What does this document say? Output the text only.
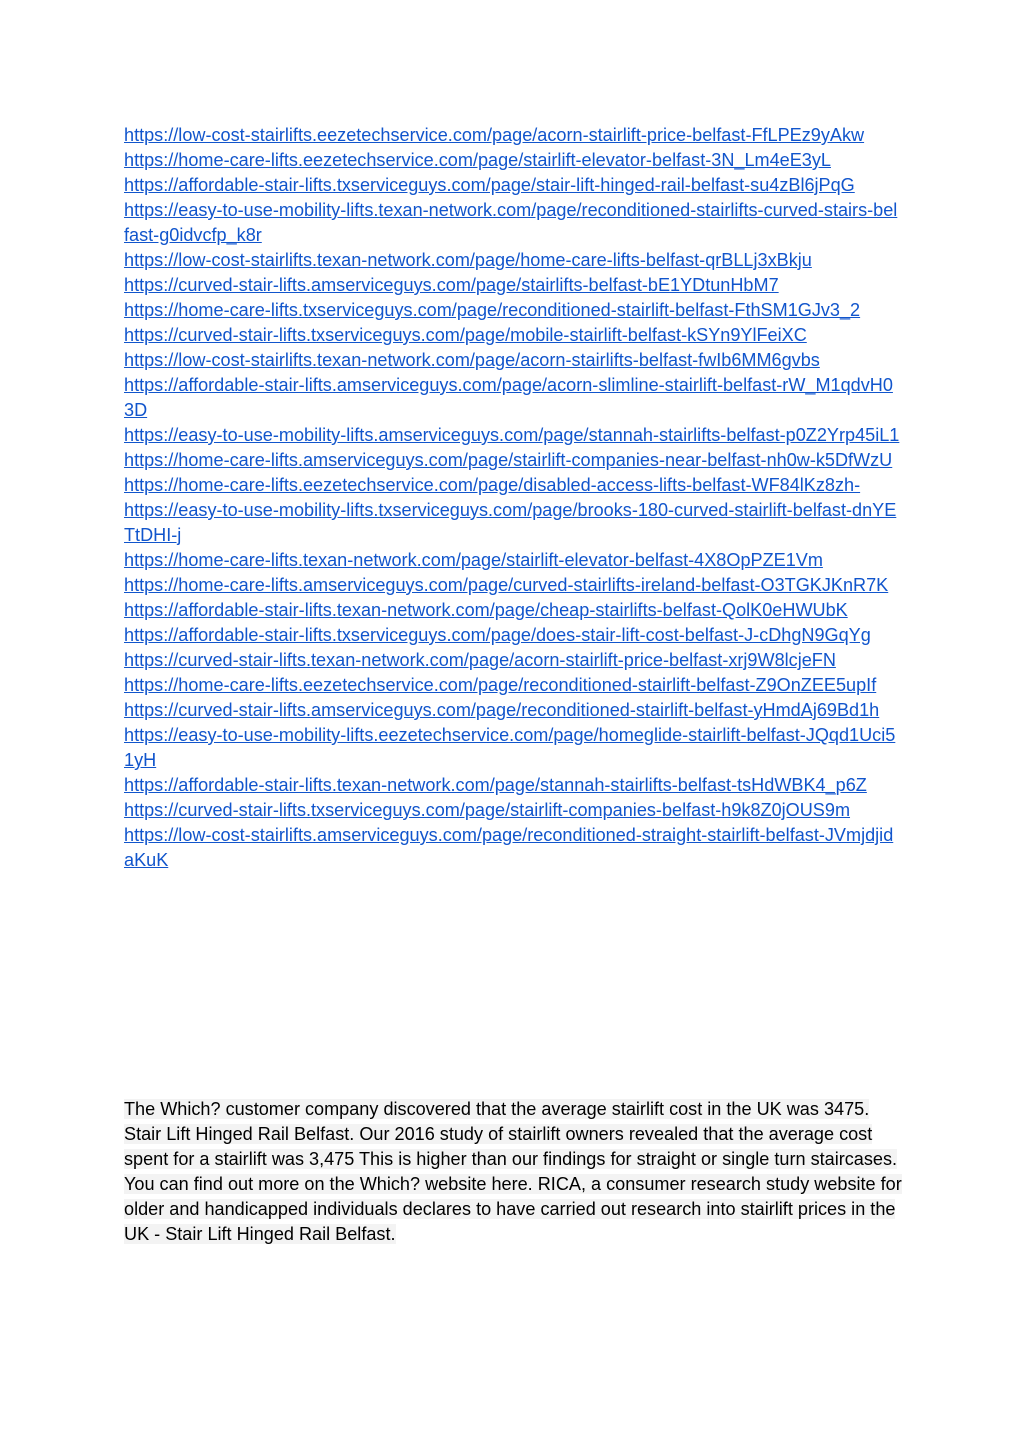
https://low-cost-stairlifts.eezetechservice.com/page/acorn-stairlift-price-belfast-FfLPEz9yAkw
https://home-care-lifts.eezetechservice.com/page/stairlift-elevator-belfast-3N_Lm4eE3yL
https://affordable-stair-lifts.txserviceguys.com/page/stair-lift-hinged-rail-belfast-su4zBl6jPqG
https://easy-to-use-mobility-lifts.texan-network.com/page/reconditioned-stairlifts-curved-stairs-belfast-g0idvcfp_k8r
https://low-cost-stairlifts.texan-network.com/page/home-care-lifts-belfast-qrBLLj3xBkju
https://curved-stair-lifts.amserviceguys.com/page/stairlifts-belfast-bE1YDtunHbM7
https://home-care-lifts.txserviceguys.com/page/reconditioned-stairlift-belfast-FthSM1GJv3_2
https://curved-stair-lifts.txserviceguys.com/page/mobile-stairlift-belfast-kSYn9YlFeiXC
https://low-cost-stairlifts.texan-network.com/page/acorn-stairlifts-belfast-fwIb6MM6gvbs
https://affordable-stair-lifts.amserviceguys.com/page/acorn-slimline-stairlift-belfast-rW_M1qdvH03D
https://easy-to-use-mobility-lifts.amserviceguys.com/page/stannah-stairlifts-belfast-p0Z2Yrp45iL1
https://home-care-lifts.amserviceguys.com/page/stairlift-companies-near-belfast-nh0w-k5DfWzU
https://home-care-lifts.eezetechservice.com/page/disabled-access-lifts-belfast-WF84lKz8zh-
https://easy-to-use-mobility-lifts.txserviceguys.com/page/brooks-180-curved-stairlift-belfast-dnYETtDHI-j
https://home-care-lifts.texan-network.com/page/stairlift-elevator-belfast-4X8OpPZE1Vm
https://home-care-lifts.amserviceguys.com/page/curved-stairlifts-ireland-belfast-O3TGKJKnR7K
https://affordable-stair-lifts.texan-network.com/page/cheap-stairlifts-belfast-QolK0eHWUbK
https://affordable-stair-lifts.txserviceguys.com/page/does-stair-lift-cost-belfast-J-cDhgN9GqYg
https://curved-stair-lifts.texan-network.com/page/acorn-stairlift-price-belfast-xrj9W8lcjeFN
https://home-care-lifts.eezetechservice.com/page/reconditioned-stairlift-belfast-Z9OnZEE5upIf
https://curved-stair-lifts.amserviceguys.com/page/reconditioned-stairlift-belfast-yHmdAj69Bd1h
https://easy-to-use-mobility-lifts.eezetechservice.com/page/homeglide-stairlift-belfast-JQqd1Uci51yH
https://affordable-stair-lifts.texan-network.com/page/stannah-stairlifts-belfast-tsHdWBK4_p6Z
https://curved-stair-lifts.txserviceguys.com/page/stairlift-companies-belfast-h9k8Z0jOUS9m
https://low-cost-stairlifts.amserviceguys.com/page/reconditioned-straight-stairlift-belfast-JVmjdjidaKuK

The Which? customer company discovered that the average stairlift cost in the UK was 3475. Stair Lift Hinged Rail Belfast. Our 2016 study of stairlift owners revealed that the average cost spent for a stairlift was 3,475 This is higher than our findings for straight or single turn staircases. You can find out more on the Which? website here. RICA, a consumer research study website for older and handicapped individuals declares to have carried out research into stairlift prices in the UK - Stair Lift Hinged Rail Belfast.
